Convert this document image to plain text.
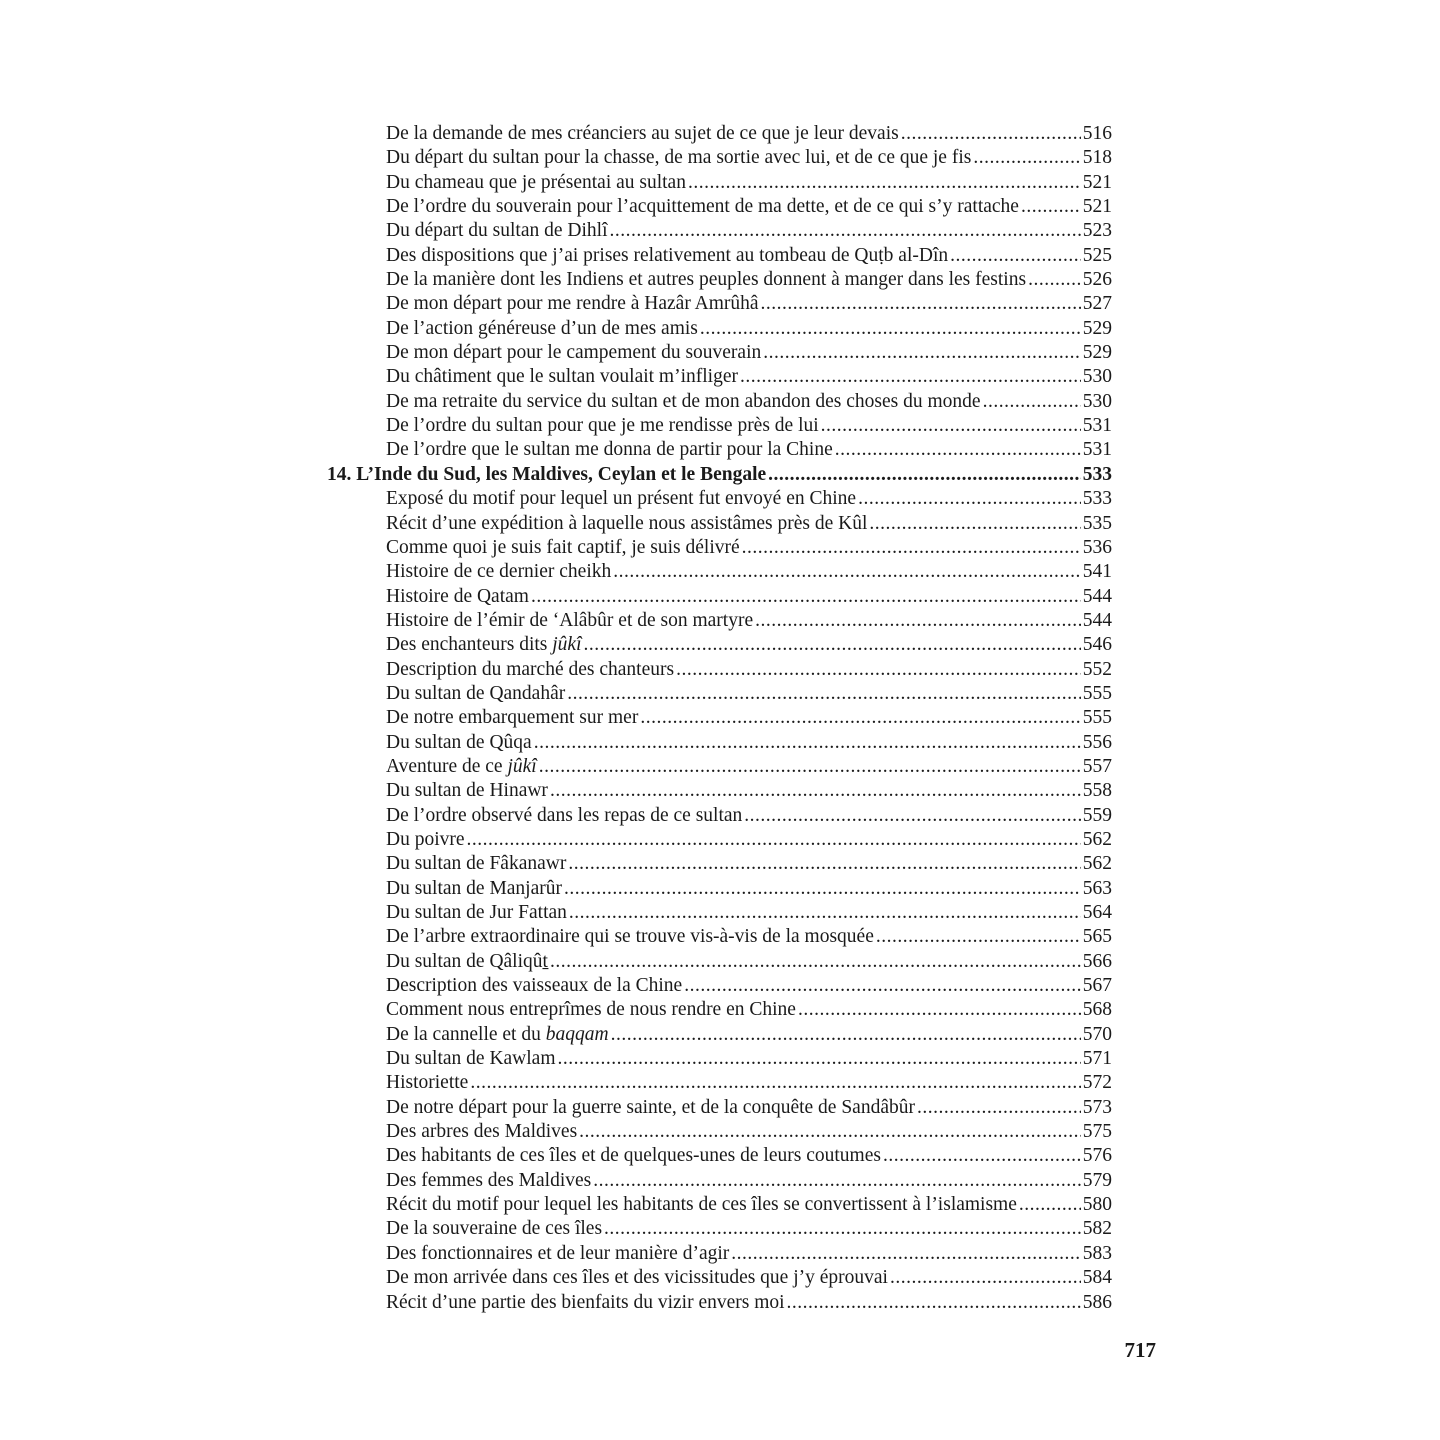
De la demande de mes créanciers au sujet de ce que je leur devais .....	516
Du départ du sultan pour la chasse, de ma sortie avec lui, et de ce que je fis .....	518
Du chameau que je présentai au sultan .....	521
De l’ordre du souverain pour l’acquittement de ma dette, et de ce qui s’y rattache .....	521
Du départ du sultan de Dihlî .....	523
Des dispositions que j’ai prises relativement au tombeau de Quṭb al-Dîn .....	525
De la manière dont les Indiens et autres peuples donnent à manger dans les festins .....	526
De mon départ pour me rendre à Hazâr Amrûhâ .....	527
De l’action généreuse d’un de mes amis .....	529
De mon départ pour le campement du souverain .....	529
Du châtiment que le sultan voulait m’infliger .....	530
De ma retraite du service du sultan et de mon abandon des choses du monde .....	530
De l’ordre du sultan pour que je me rendisse près de lui .....	531
De l’ordre que le sultan me donna de partir pour la Chine .....	531
14. L’Inde du Sud, les Maldives, Ceylan et le Bengale .....	533
Exposé du motif pour lequel un présent fut envoyé en Chine .....	533
Récit d’une expédition à laquelle nous assistâmes près de Kûl .....	535
Comme quoi je suis fait captif, je suis délivré .....	536
Histoire de ce dernier cheikh .....	541
Histoire de Qatam .....	544
Histoire de l’émir de ‘Alâbûr et de son martyre .....	544
Des enchanteurs dits jûkî .....	546
Description du marché des chanteurs .....	552
Du sultan de Qandahâr .....	555
De notre embarquement sur mer .....	555
Du sultan de Qûqa .....	556
Aventure de ce jûkî .....	557
Du sultan de Hinawr .....	558
De l’ordre observé dans les repas de ce sultan .....	559
Du poivre .....	562
Du sultan de Fâkanawr .....	562
Du sultan de Manjarûr .....	563
Du sultan de Jur Fattan .....	564
De l’arbre extraordinaire qui se trouve vis-à-vis de la mosquée .....	565
Du sultan de Qâliqûṯ .....	566
Description des vaisseaux de la Chine .....	567
Comment nous entreprîmes de nous rendre en Chine .....	568
De la cannelle et du baqqam .....	570
Du sultan de Kawlam .....	571
Historiette .....	572
De notre départ pour la guerre sainte, et de la conquête de Sandâbûr .....	573
Des arbres des Maldives .....	575
Des habitants de ces îles et de quelques-unes de leurs coutumes .....	576
Des femmes des Maldives .....	579
Récit du motif pour lequel les habitants de ces îles se convertissent à l’islamisme .....	580
De la souveraine de ces îles .....	582
Des fonctionnaires et de leur manière d’agir .....	583
De mon arrivée dans ces îles et des vicissitudes que j’y éprouvai .....	584
Récit d’une partie des bienfaits du vizir envers moi .....	586
717
